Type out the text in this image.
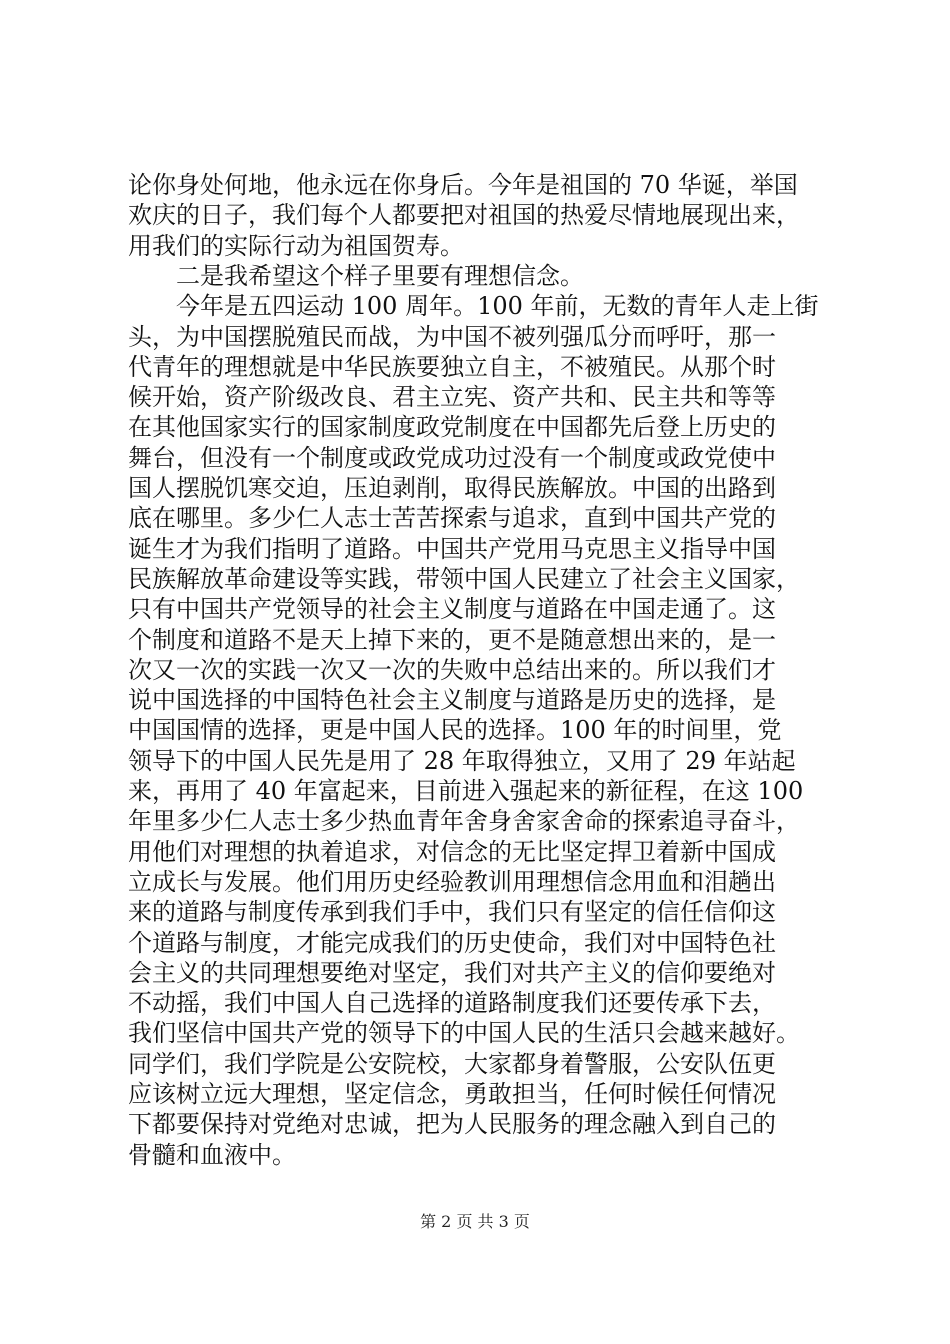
论你身处何地，他永远在你身后。今年是祖国的 70 华诞，举国
欢庆的日子，我们每个人都要把对祖国的热爱尽情地展现出来，
用我们的实际行动为祖国贺寿。
　　二是我希望这个样子里要有理想信念。
　　今年是五四运动 100 周年。100 年前，无数的青年人走上街
头，为中国摆脱殖民而战，为中国不被列强瓜分而呼吁，那一
代青年的理想就是中华民族要独立自主，不被殖民。从那个时
候开始，资产阶级改良、君主立宪、资产共和、民主共和等等
在其他国家实行的国家制度政党制度在中国都先后登上历史的
舞台，但没有一个制度或政党成功过没有一个制度或政党使中
国人摆脱饥寒交迫，压迫剥削，取得民族解放。中国的出路到
底在哪里。多少仁人志士苦苦探索与追求，直到中国共产党的
诞生才为我们指明了道路。中国共产党用马克思主义指导中国
民族解放革命建设等实践，带领中国人民建立了社会主义国家，
只有中国共产党领导的社会主义制度与道路在中国走通了。这
个制度和道路不是天上掉下来的，更不是随意想出来的，是一
次又一次的实践一次又一次的失败中总结出来的。所以我们才
说中国选择的中国特色社会主义制度与道路是历史的选择，是
中国国情的选择，更是中国人民的选择。100 年的时间里，党
领导下的中国人民先是用了 28 年取得独立，又用了 29 年站起
来，再用了 40 年富起来，目前进入强起来的新征程，在这 100
年里多少仁人志士多少热血青年舍身舍家舍命的探索追寻奋斗，
用他们对理想的执着追求，对信念的无比坚定捍卫着新中国成
立成长与发展。他们用历史经验教训用理想信念用血和泪趟出
来的道路与制度传承到我们手中，我们只有坚定的信任信仰这
个道路与制度，才能完成我们的历史使命，我们对中国特色社
会主义的共同理想要绝对坚定，我们对共产主义的信仰要绝对
不动摇，我们中国人自己选择的道路制度我们还要传承下去，
我们坚信中国共产党的领导下的中国人民的生活只会越来越好。
同学们，我们学院是公安院校，大家都身着警服，公安队伍更
应该树立远大理想，坚定信念，勇敢担当，任何时候任何情况
下都要保持对党绝对忠诚，把为人民服务的理念融入到自己的
骨髓和血液中。
第 2 页 共 3 页
